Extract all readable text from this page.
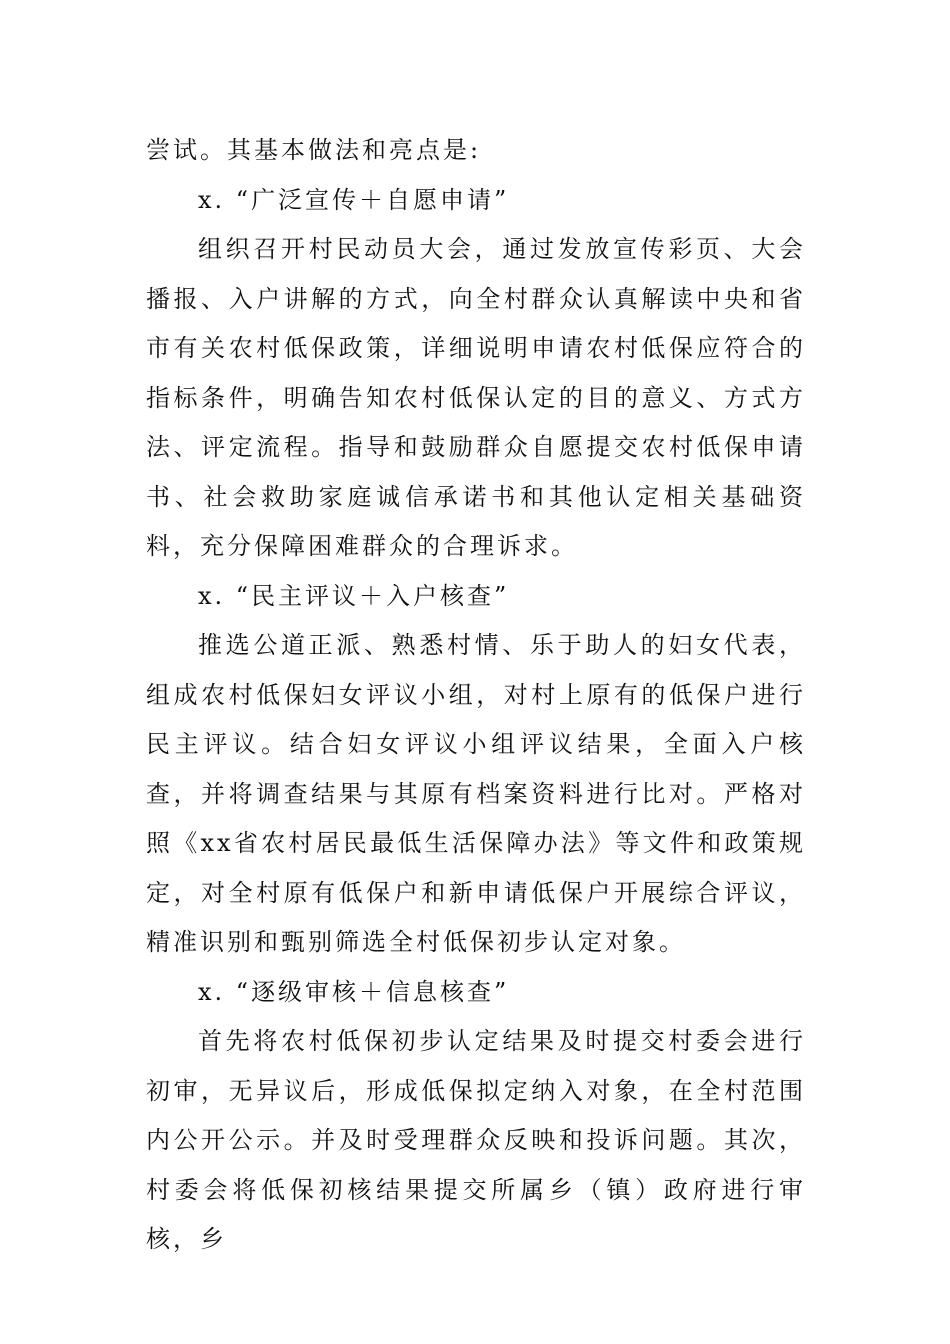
尝试。其基本做法和亮点是:

x. “广泛宣传＋自愿申请”

组织召开村民动员大会，通过发放宣传彩页、大会播报、入户讲解的方式，向全村群众认真解读中央和省市有关农村低保政策，详细说明申请农村低保应符合的指标条件，明确告知农村低保认定的目的意义、方式方法、评定流程。指导和鼓励群众自愿提交农村低保申请书、社会救助家庭诚信承诺书和其他认定相关基础资料，充分保障困难群众的合理诉求。

x. “民主评议＋入户核查”

推选公道正派、熟悉村情、乐于助人的妇女代表，组成农村低保妇女评议小组，对村上原有的低保户进行民主评议。结合妇女评议小组评议结果，全面入户核查，并将调查结果与其原有档案资料进行比对。严格对照《xx省农村居民最低生活保障办法》等文件和政策规定，对全村原有低保户和新申请低保户开展综合评议，精准识别和甄别筛选全村低保初步认定对象。

x. “逐级审核＋信息核查”

首先将农村低保初步认定结果及时提交村委会进行初审，无异议后，形成低保拟定纳入对象，在全村范围内公开公示。并及时受理群众反映和投诉问题。其次，村委会将低保初核结果提交所属乡（镇）政府进行审核，乡
